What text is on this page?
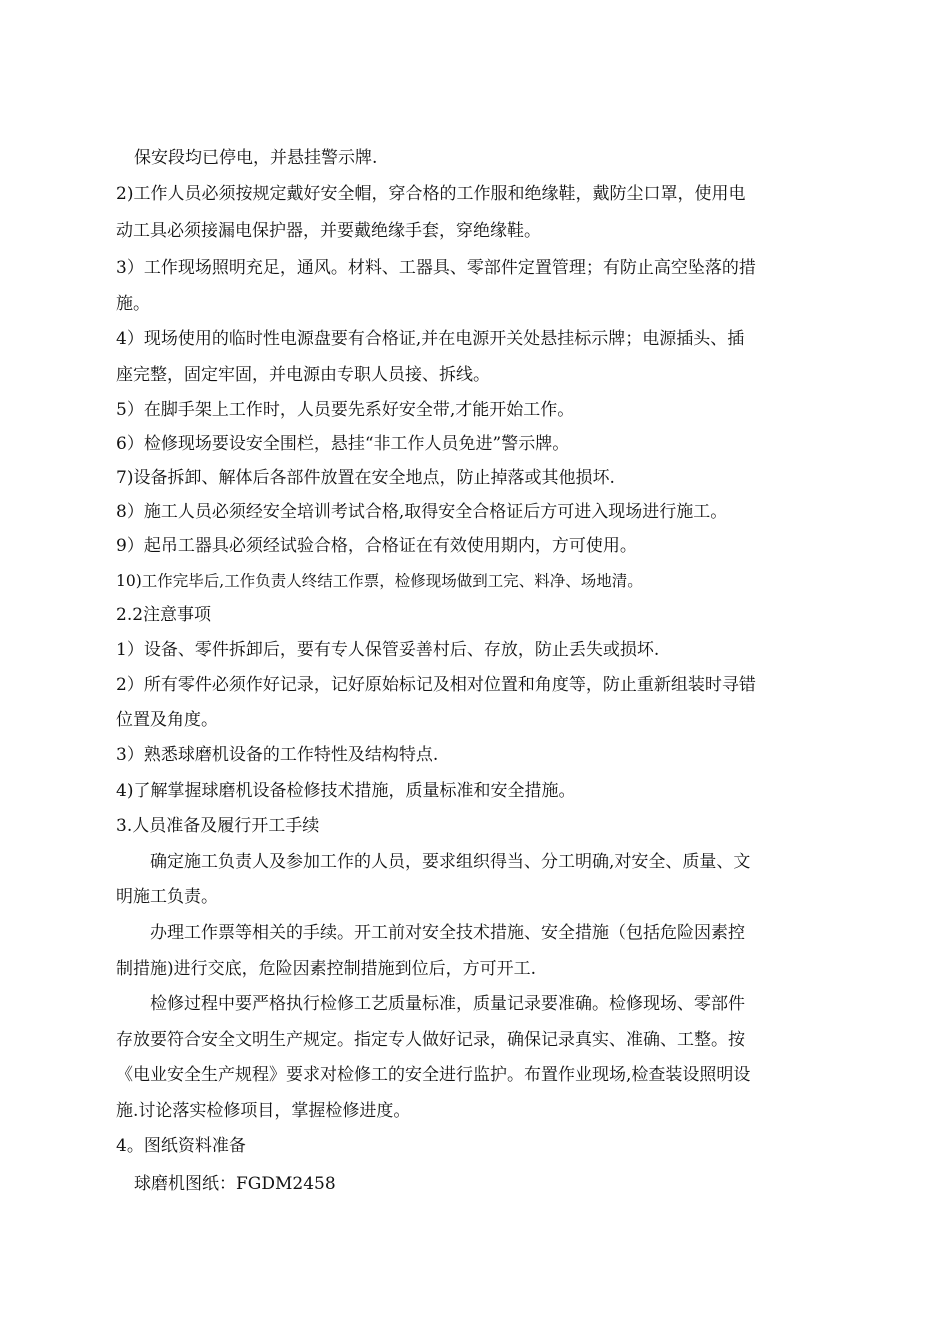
保安段均已停电，并悬挂警示牌.
2)工作人员必须按规定戴好安全帽，穿合格的工作服和绝缘鞋，戴防尘口罩，使用电
动工具必须接漏电保护器，并要戴绝缘手套，穿绝缘鞋。
3）工作现场照明充足，通风。材料、工器具、零部件定置管理；有防止高空坠落的措
施。
4）现场使用的临时性电源盘要有合格证,并在电源开关处悬挂标示牌；电源插头、插
座完整，固定牢固，并电源由专职人员接、拆线。
5）在脚手架上工作时，人员要先系好安全带,才能开始工作。
6）检修现场要设安全围栏，悬挂“非工作人员免进”警示牌。
7)设备拆卸、解体后各部件放置在安全地点，防止掉落或其他损坏.
8）施工人员必须经安全培训考试合格,取得安全合格证后方可进入现场进行施工。
9）起吊工器具必须经试验合格，合格证在有效使用期内，方可使用。
10)工作完毕后,工作负责人终结工作票，检修现场做到工完、料净、场地清。
2.2注意事项
1）设备、零件拆卸后，要有专人保管妥善村后、存放，防止丢失或损坏.
2）所有零件必须作好记录，记好原始标记及相对位置和角度等，防止重新组装时寻错
位置及角度。
3）熟悉球磨机设备的工作特性及结构特点.
4)了解掌握球磨机设备检修技术措施，质量标准和安全措施。
3.人员准备及履行开工手续
确定施工负责人及参加工作的人员，要求组织得当、分工明确,对安全、质量、文
明施工负责。
办理工作票等相关的手续。开工前对安全技术措施、安全措施（包括危险因素控
制措施)进行交底，危险因素控制措施到位后，方可开工.
检修过程中要严格执行检修工艺质量标准，质量记录要准确。检修现场、零部件
存放要符合安全文明生产规定。指定专人做好记录，确保记录真实、准确、工整。按
《电业安全生产规程》要求对检修工的安全进行监护。布置作业现场,检查装设照明设
施.讨论落实检修项目，掌握检修进度。
4。图纸资料准备
球磨机图纸：FGDM2458
